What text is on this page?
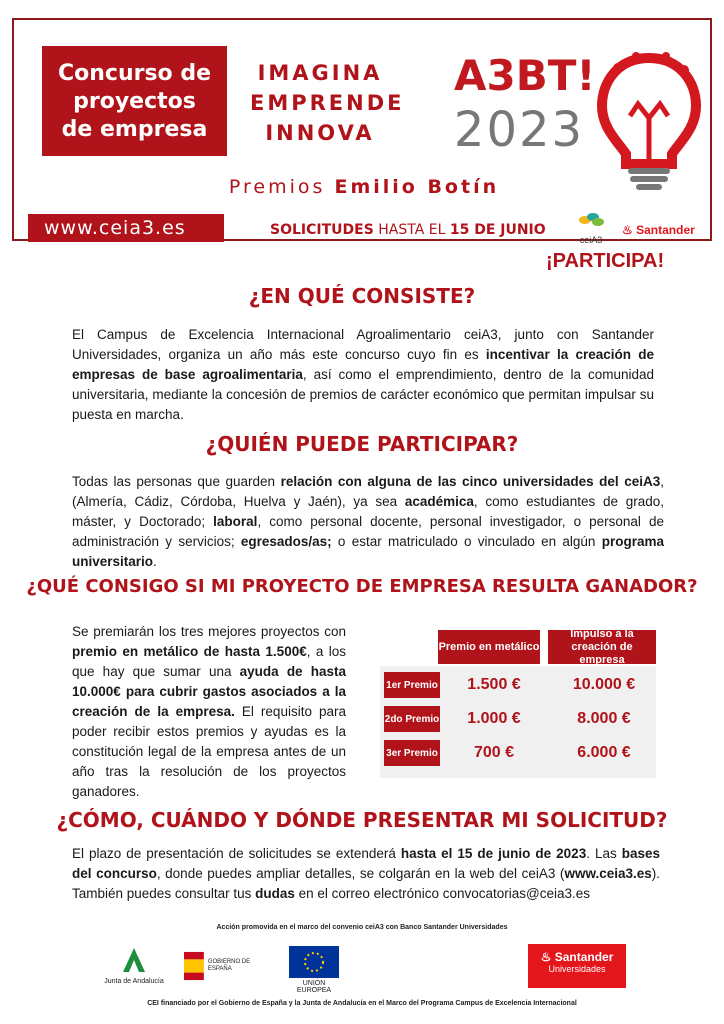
Concurso de
proyectos
de empresa
IMAGINA
EMPRENDE
INNOVA
A3BT!
2023
Premios Emilio Botín
www.ceia3.es	SOLICITUDES HASTA EL 15 DE JUNIO
ceiA3
♨ Santander
¡PARTICIPA!
¿EN QUÉ CONSISTE?
El Campus de Excelencia Internacional Agroalimentario ceiA3, junto con Santander Universidades, organiza un año más este concurso cuyo fin es incentivar la creación de empresas de base agroalimentaria, así como el emprendimiento, dentro de la comunidad universitaria, mediante la concesión de premios de carácter económico que permitan impulsar su puesta en marcha.
¿QUIÉN PUEDE PARTICIPAR?
Todas las personas que guarden relación con alguna de las cinco universidades del ceiA3, (Almería, Cádiz, Córdoba, Huelva y Jaén), ya sea académica, como estudiantes de grado, máster, y Doctorado; laboral, como personal docente, personal investigador, o personal de administración y servicios; egresados/as; o estar matriculado o vinculado en algún programa universitario.
¿QUÉ CONSIGO SI MI PROYECTO DE EMPRESA RESULTA GANADOR?
Se premiarán los tres mejores proyectos con premio en metálico de hasta 1.500€, a los que hay que sumar una ayuda de hasta 10.000€ para cubrir gastos asociados a la creación de la empresa. El requisito para poder recibir estos premios y ayudas es la constitución legal de la empresa antes de un año tras la resolución de los proyectos ganadores.
Premio en metálico
Impulso a la creación de empresa
1er Premio	1.500 €	10.000 €
2do Premio	1.000 €	8.000 €
3er Premio	700 €	6.000 €
¿CÓMO, CUÁNDO Y DÓNDE PRESENTAR MI SOLICITUD?
El plazo de presentación de solicitudes se extenderá hasta el 15 de junio de 2023. Las bases del concurso, donde puedes ampliar detalles, se colgarán en la web del ceiA3 (www.ceia3.es). También puedes consultar tus dudas en el correo electrónico convocatorias@ceia3.es
Acción promovida en el marco del convenio ceiA3 con Banco Santander Universidades
Junta de Andalucía
GOBIERNO DE ESPAÑA
UNIÓN EUROPEA
♨ Santander
Universidades
CEI financiado por el Gobierno de España y la Junta de Andalucía en el Marco del Programa Campus de Excelencia Internacional
